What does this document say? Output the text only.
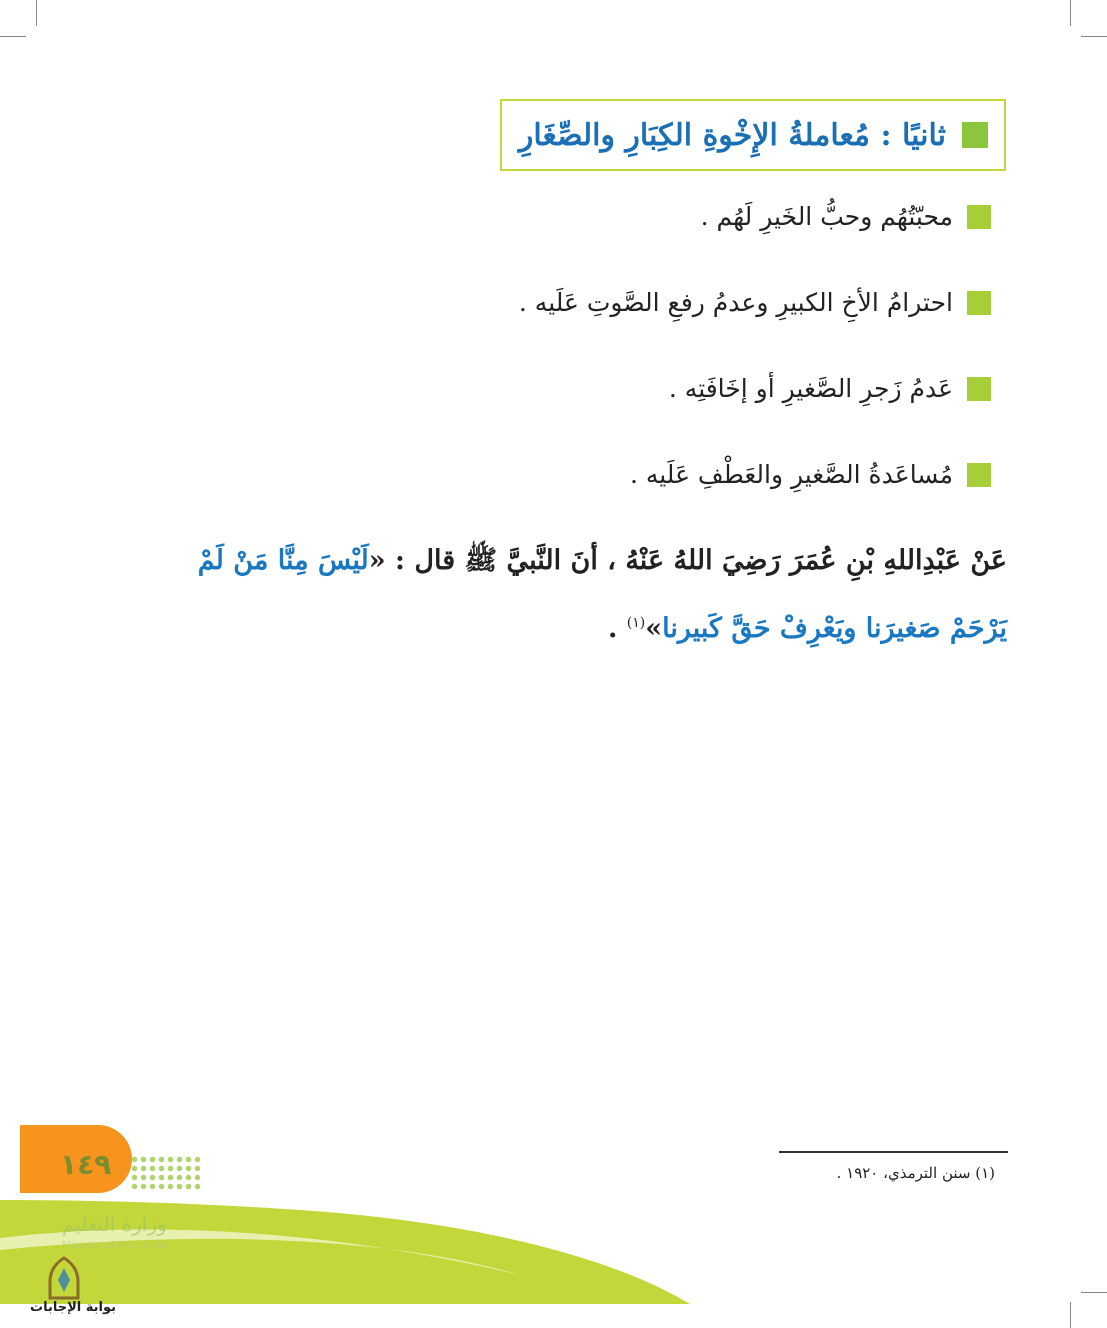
ثانيًا : مُعاملةُ الإِخْوةِ الكِبَارِ والصِّغَارِ
محبّتُهُم وحبُّ الخَيرِ لَهُم .
احترامُ الأخِ الكبيرِ وعدمُ رفعِ الصَّوتِ عَلَيه .
عَدمُ زَجرِ الصَّغيرِ أو إخَافَتِه .
مُساعَدةُ الصَّغيرِ والعَطْفِ عَلَيه .
عَنْ عَبْدِاللهِ بْنِ عُمَرَ رَضِيَ اللهُ عَنْهُ ، أنَ النَّبيَّ ﷺ قال : «لَيْسَ مِنَّا مَنْ لَمْ يَرْحَمْ صَغيرَنا ويَعْرِفْ حَقَّ كَبيرنا»$^{(١)}$ .
(١) سنن الترمذي، ١٩٢٠ .
١٤٩
وزارة التعليم
Ministry of Education
بوابة الإجابات
